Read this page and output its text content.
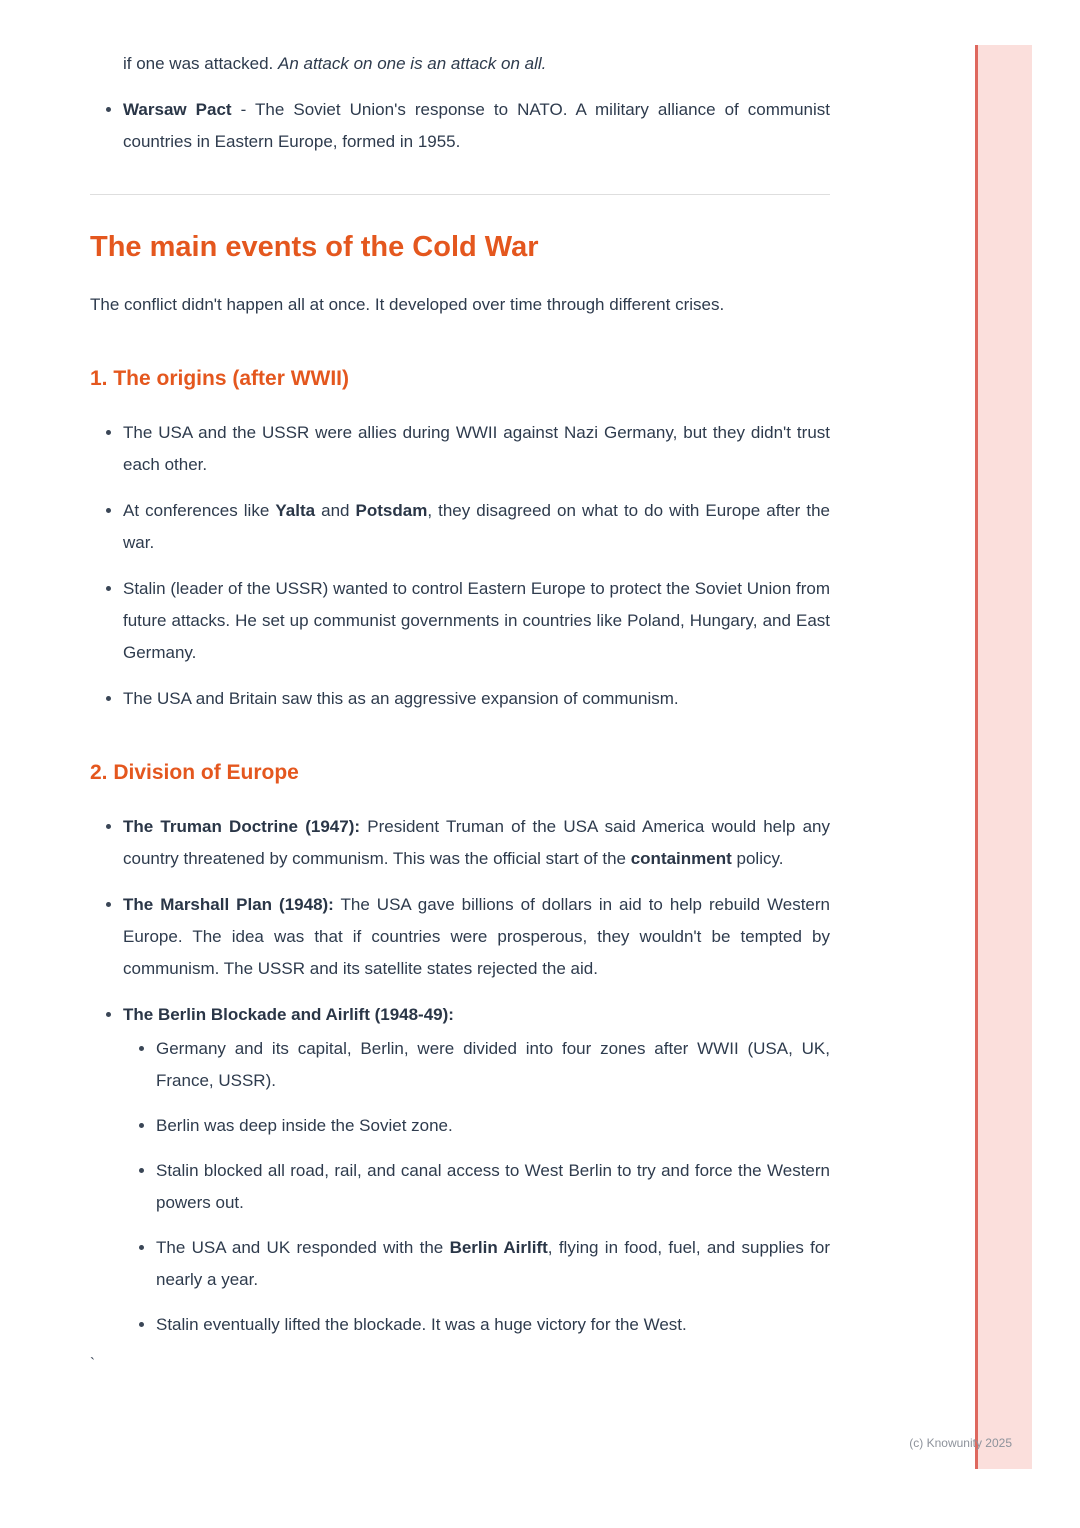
if one was attacked. An attack on one is an attack on all.
Warsaw Pact - The Soviet Union's response to NATO. A military alliance of communist countries in Eastern Europe, formed in 1955.
The main events of the Cold War

The conflict didn't happen all at once. It developed over time through different crises.

1. The origins (after WWII)
The USA and the USSR were allies during WWII against Nazi Germany, but they didn't trust each other.
At conferences like Yalta and Potsdam, they disagreed on what to do with Europe after the war.
Stalin (leader of the USSR) wanted to control Eastern Europe to protect the Soviet Union from future attacks. He set up communist governments in countries like Poland, Hungary, and East Germany.
The USA and Britain saw this as an aggressive expansion of communism.
2. Division of Europe
The Truman Doctrine (1947): President Truman of the USA said America would help any country threatened by communism. This was the official start of the containment policy.
The Marshall Plan (1948): The USA gave billions of dollars in aid to help rebuild Western Europe. The idea was that if countries were prosperous, they wouldn't be tempted by communism. The USSR and its satellite states rejected the aid.
The Berlin Blockade and Airlift (1948-49):
Germany and its capital, Berlin, were divided into four zones after WWII (USA, UK, France, USSR).
Berlin was deep inside the Soviet zone.
Stalin blocked all road, rail, and canal access to West Berlin to try and force the Western powers out.
The USA and UK responded with the Berlin Airlift, flying in food, fuel, and supplies for nearly a year.
Stalin eventually lifted the blockade. It was a huge victory for the West.
`
(c) Knowunity 2025
